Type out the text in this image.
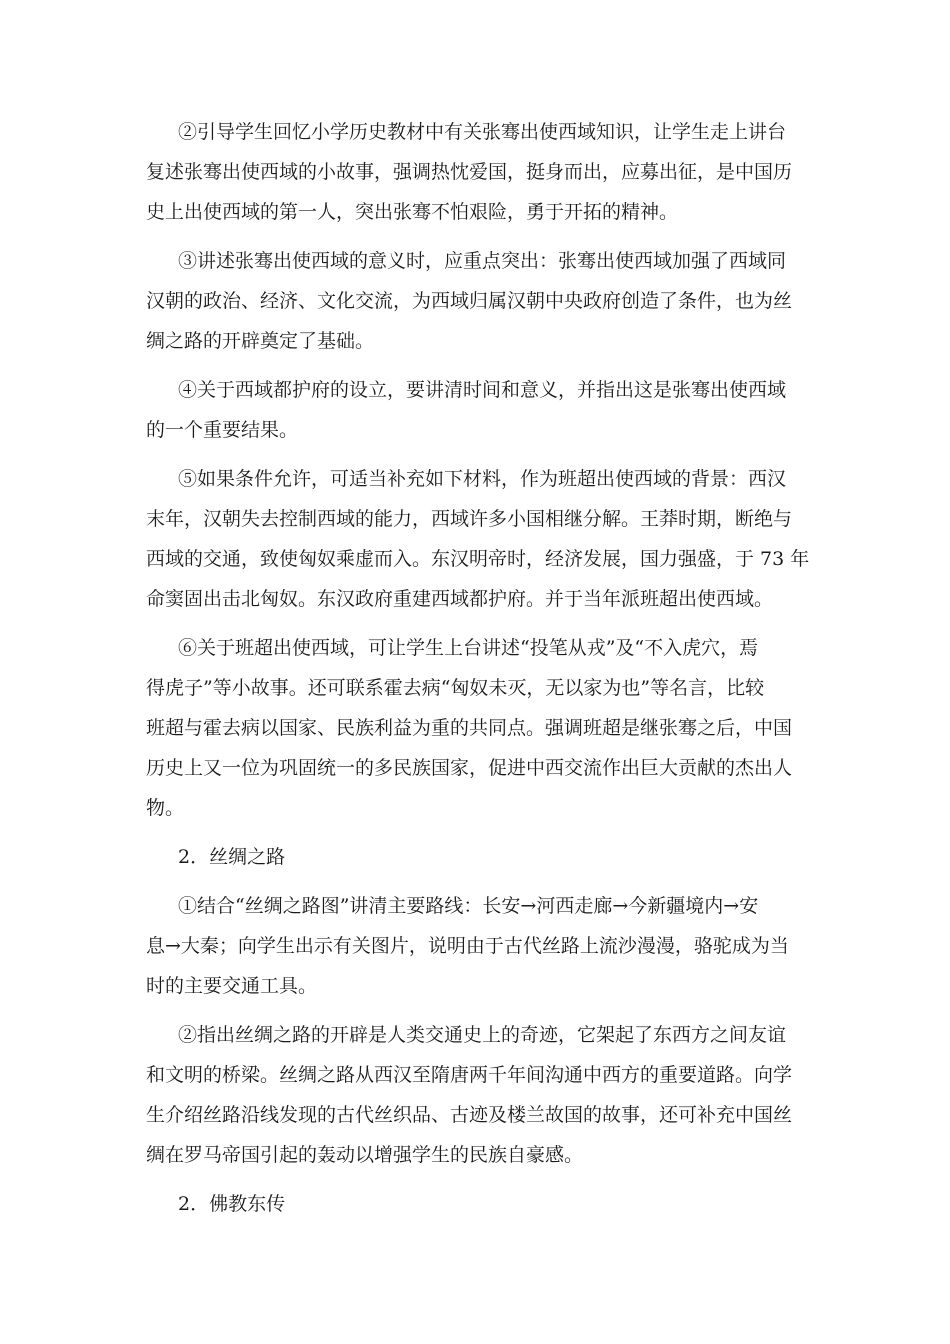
②引导学生回忆小学历史教材中有关张骞出使西域知识，让学生走上讲台
复述张骞出使西域的小故事，强调热忱爱国，挺身而出，应募出征，是中国历
史上出使西域的第一人，突出张骞不怕艰险，勇于开拓的精神。
③讲述张骞出使西域的意义时，应重点突出：张骞出使西域加强了西域同
汉朝的政治、经济、文化交流，为西域归属汉朝中央政府创造了条件，也为丝
绸之路的开辟奠定了基础。
④关于西域都护府的设立，要讲清时间和意义，并指出这是张骞出使西域
的一个重要结果。
⑤如果条件允许，可适当补充如下材料，作为班超出使西域的背景：西汉
末年，汉朝失去控制西域的能力，西域许多小国相继分解。王莽时期，断绝与
西域的交通，致使匈奴乘虚而入。东汉明帝时，经济发展，国力强盛，于 73 年
命窦固出击北匈奴。东汉政府重建西域都护府。并于当年派班超出使西域。
⑥关于班超出使西域，可让学生上台讲述“投笔从戎”及“不入虎穴，焉
得虎子”等小故事。还可联系霍去病“匈奴未灭，无以家为也”等名言，比较
班超与霍去病以国家、民族利益为重的共同点。强调班超是继张骞之后，中国
历史上又一位为巩固统一的多民族国家，促进中西交流作出巨大贡献的杰出人
物。
2．丝绸之路
①结合“丝绸之路图”讲清主要路线：长安→河西走廊→今新疆境内→安
息→大秦；向学生出示有关图片，说明由于古代丝路上流沙漫漫，骆驼成为当
时的主要交通工具。
②指出丝绸之路的开辟是人类交通史上的奇迹，它架起了东西方之间友谊
和文明的桥梁。丝绸之路从西汉至隋唐两千年间沟通中西方的重要道路。向学
生介绍丝路沿线发现的古代丝织品、古迹及楼兰故国的故事，还可补充中国丝
绸在罗马帝国引起的轰动以增强学生的民族自豪感。
2．佛教东传
